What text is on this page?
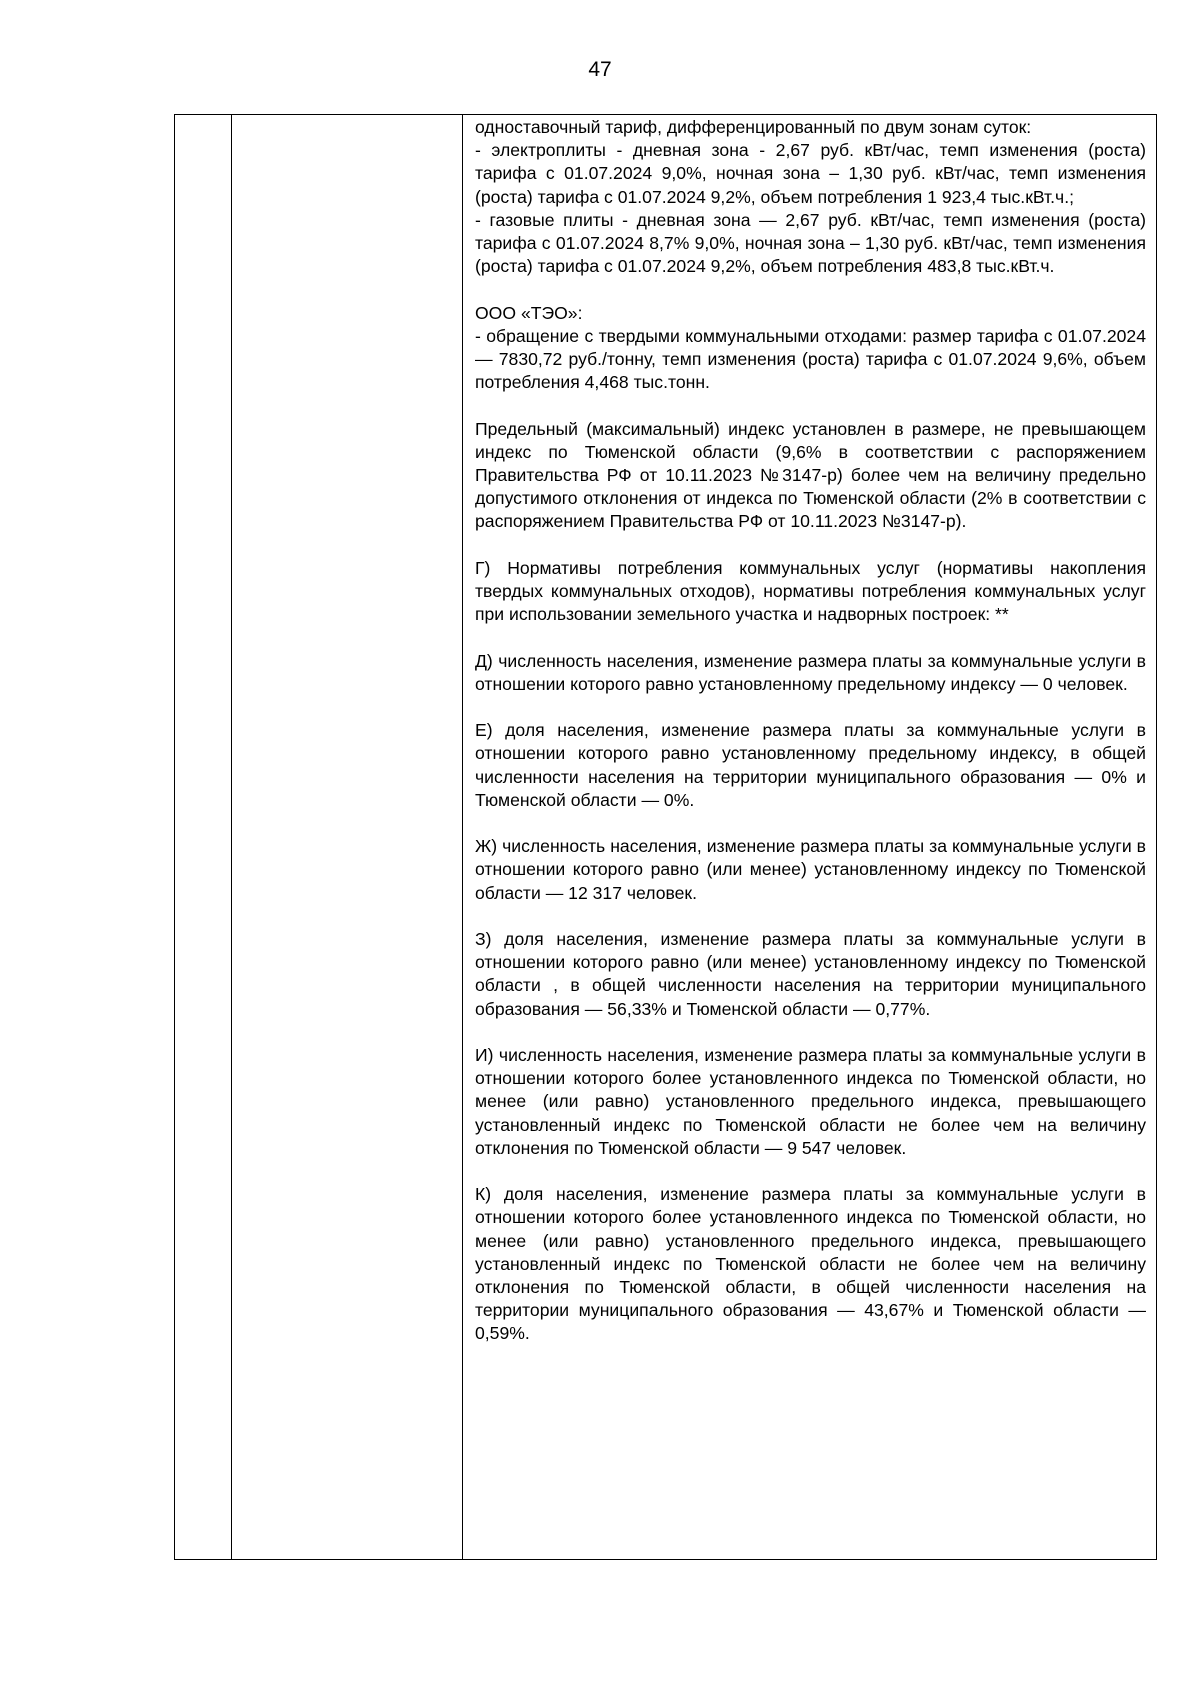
47
одноставочный тариф, дифференцированный по двум зонам суток:
- электроплиты - дневная зона - 2,67 руб. кВт/час, темп изменения (роста) тарифа с 01.07.2024 9,0%, ночная зона – 1,30 руб. кВт/час, темп изменения (роста) тарифа с 01.07.2024 9,2%, объем потребления 1 923,4 тыс.кВт.ч.;
- газовые плиты - дневная зона — 2,67 руб. кВт/час, темп изменения (роста) тарифа с 01.07.2024 8,7% 9,0%, ночная зона – 1,30 руб. кВт/час, темп изменения (роста) тарифа с 01.07.2024 9,2%, объем потребления 483,8 тыс.кВт.ч.
ООО «ТЭО»:
- обращение с твердыми коммунальными отходами: размер тарифа с 01.07.2024 — 7830,72 руб./тонну, темп изменения (роста) тарифа с 01.07.2024 9,6%, объем потребления 4,468 тыс.тонн.
Предельный (максимальный) индекс установлен в размере, не превышающем индекс по Тюменской области (9,6% в соответствии с распоряжением Правительства РФ от 10.11.2023 №3147-р) более чем на величину предельно допустимого отклонения от индекса по Тюменской области (2% в соответствии с распоряжением Правительства РФ от 10.11.2023 №3147-р).
Г) Нормативы потребления коммунальных услуг (нормативы накопления твердых коммунальных отходов), нормативы потребления коммунальных услуг при использовании земельного участка и надворных построек: **
Д) численность населения, изменение размера платы за коммунальные услуги в отношении которого равно установленному предельному индексу — 0 человек.
Е) доля населения, изменение размера платы за коммунальные услуги в отношении которого равно установленному предельному индексу, в общей численности населения на территории муниципального образования — 0% и Тюменской области — 0%.
Ж) численность населения, изменение размера платы за коммунальные услуги в отношении которого равно (или менее) установленному индексу по Тюменской области — 12 317 человек.
З) доля населения, изменение размера платы за коммунальные услуги в отношении которого равно (или менее) установленному индексу по Тюменской области , в общей численности населения на территории муниципального образования — 56,33% и Тюменской области — 0,77%.
И) численность населения, изменение размера платы за коммунальные услуги в отношении которого более установленного индекса по Тюменской области, но менее (или равно) установленного предельного индекса, превышающего установленный индекс по Тюменской области не более чем на величину отклонения по Тюменской области — 9 547 человек.
К) доля населения, изменение размера платы за коммунальные услуги в отношении которого более установленного индекса по Тюменской области, но менее (или равно) установленного предельного индекса, превышающего установленный индекс по Тюменской области не более чем на величину отклонения по Тюменской области, в общей численности населения на территории муниципального образования — 43,67% и Тюменской области — 0,59%.
